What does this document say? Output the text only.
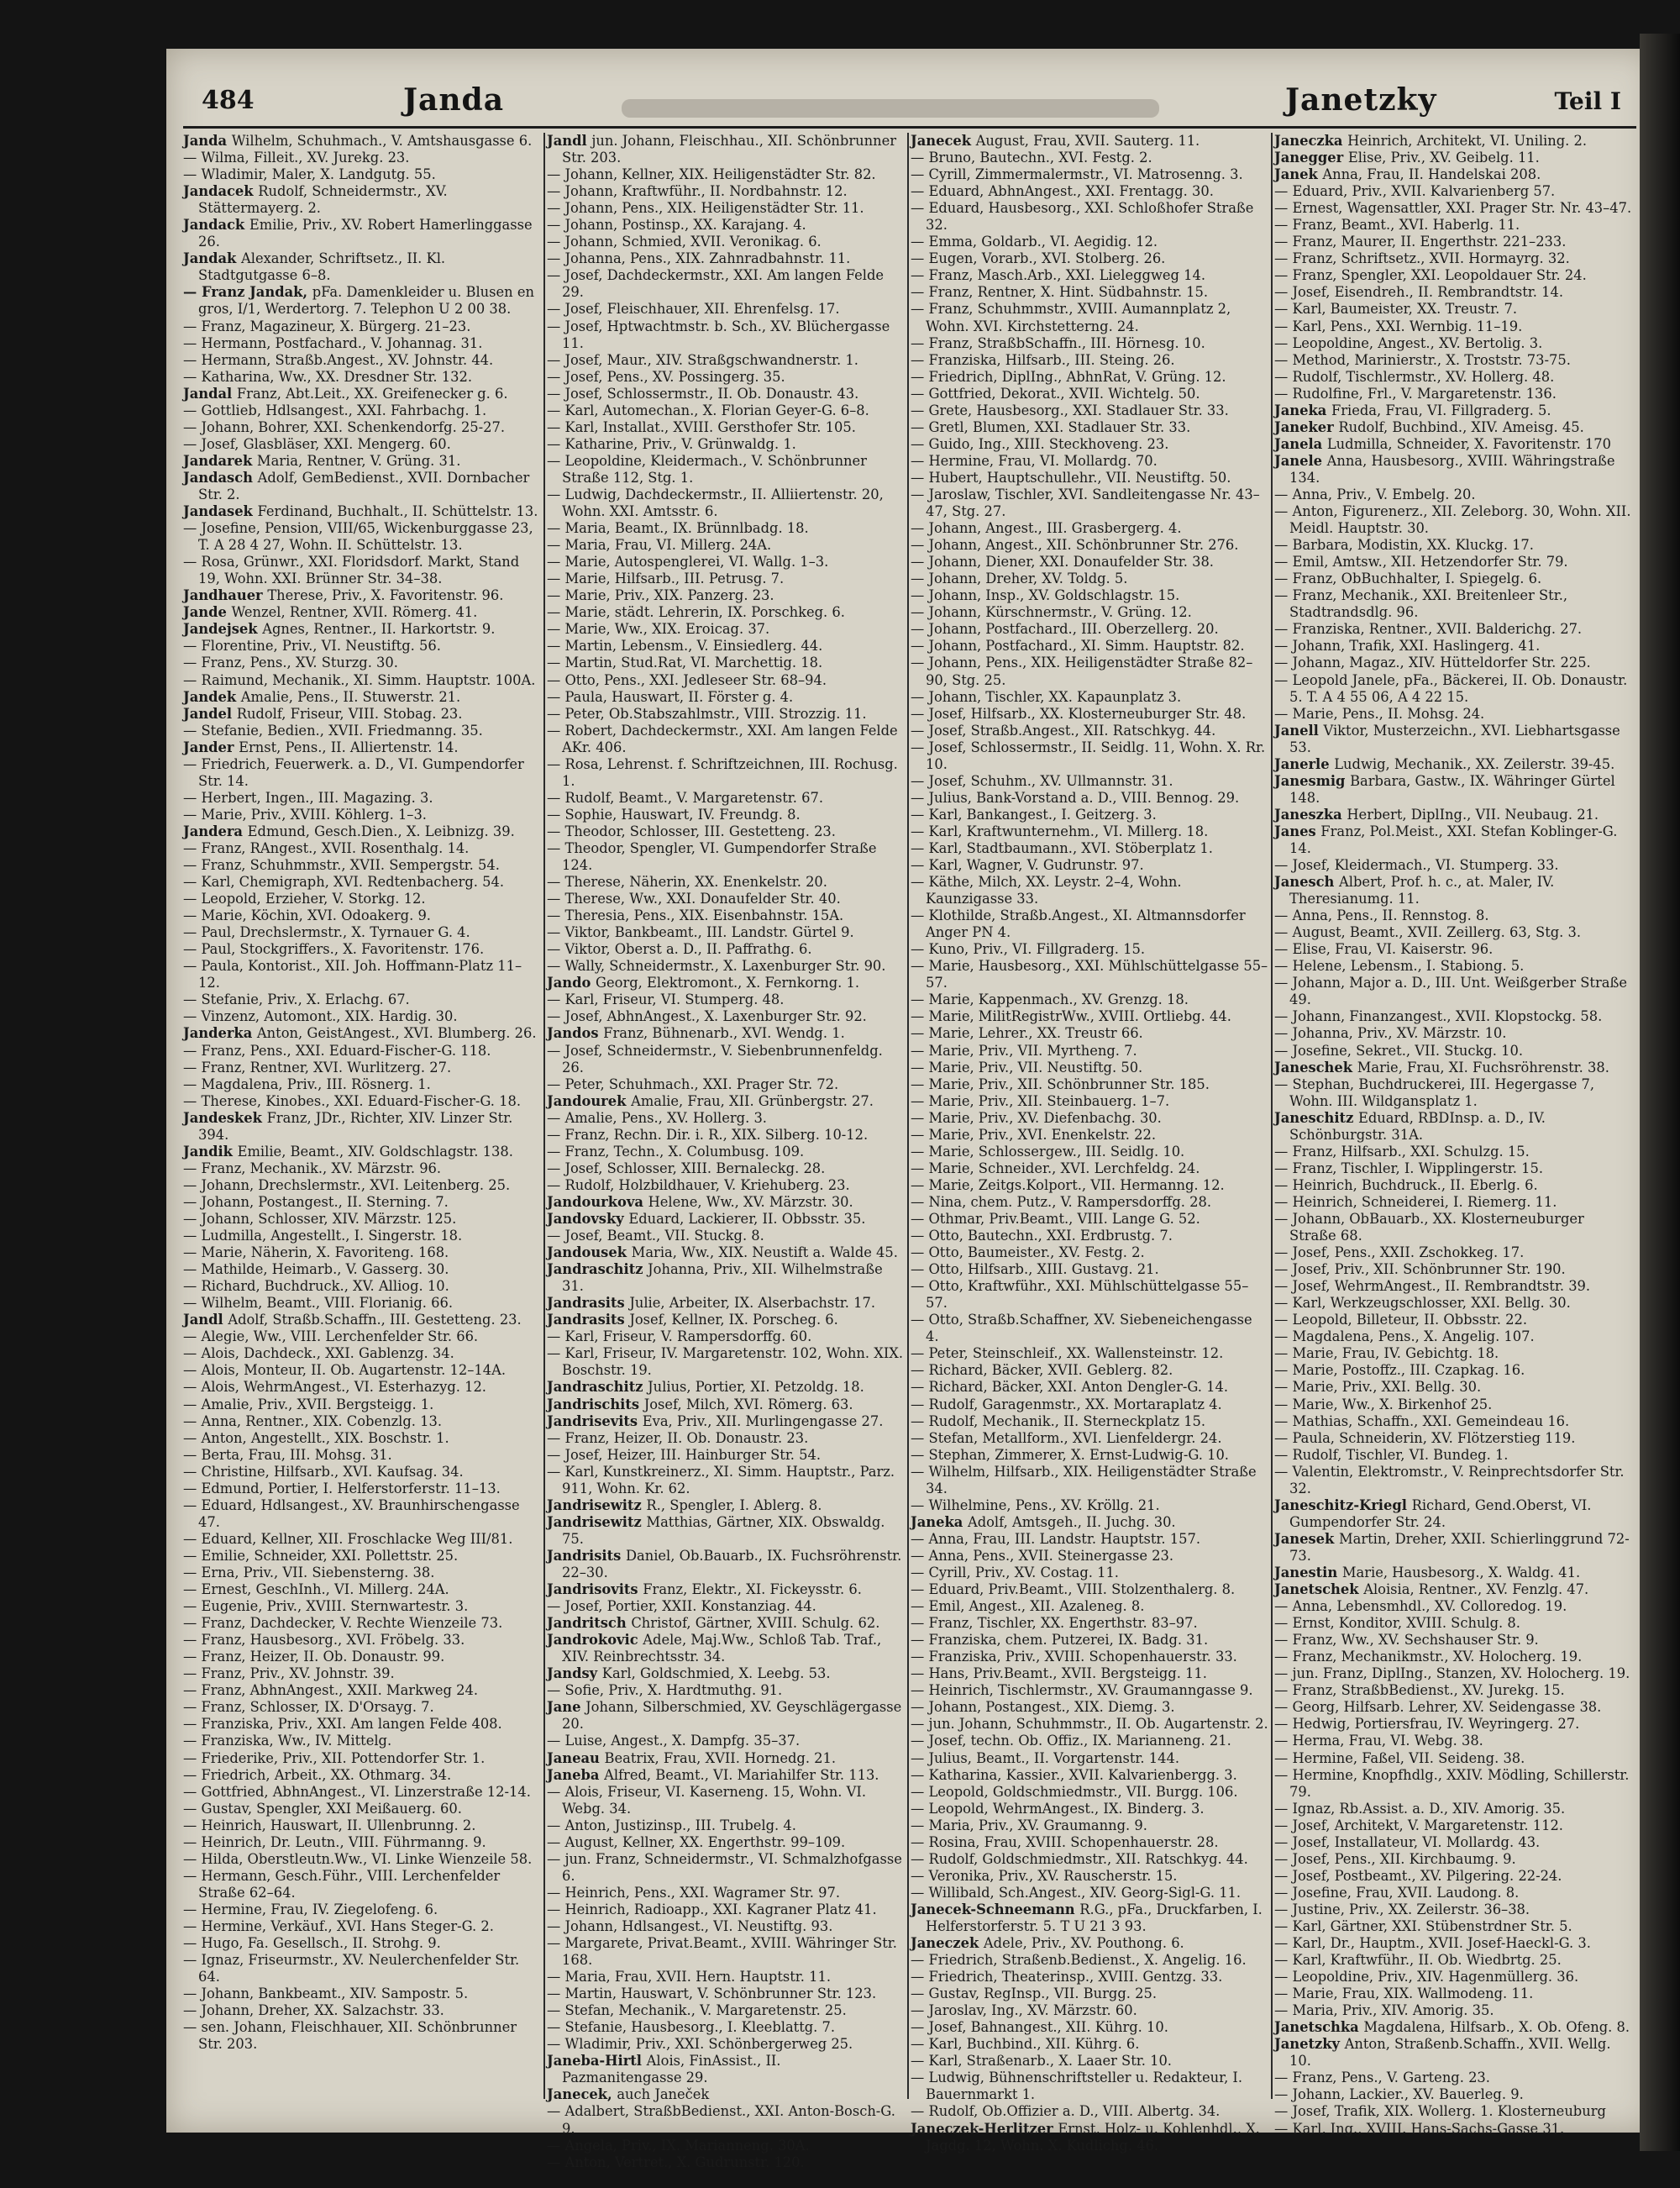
484	Janda	Janetzky	Teil I
Janda Wilhelm, Schuhmach., V. Amtshausgasse 6.
— Wilma, Filleit., XV. Jurekg. 23.
— Wladimir, Maler, X. Landgutg. 55.
Jandacek Rudolf, Schneidermstr., XV. Stättermayerg. 2.
Jandack Emilie, Priv., XV. Robert Hamerlinggasse 26.
Jandak Alexander, Schriftsetz., II. Kl. Stadtgutgasse 6–8.
— Franz Jandak, pFa. Damenkleider u. Blusen en gros, I/1, Werdertorg. 7. Telephon U 2 00 38.
— Franz, Magazineur, X. Bürgerg. 21–23.
— Hermann, Postfachard., V. Johannag. 31.
— Hermann, Straßb.Angest., XV. Johnstr. 44.
— Katharina, Ww., XX. Dresdner Str. 132.
Jandal Franz, Abt.Leit., XX. Greifenecker g. 6.
— Gottlieb, Hdlsangest., XXI. Fahrbachg. 1.
— Johann, Bohrer, XXI. Schenkendorfg. 25-27.
— Josef, Glasbläser, XXI. Mengerg. 60.
Jandarek Maria, Rentner, V. Grüng. 31.
Jandasch Adolf, GemBedienst., XVII. Dornbacher Str. 2.
Jandasek Ferdinand, Buchhalt., II. Schüttelstr. 13.
— Josefine, Pension, VIII/65, Wickenburggasse 23, T. A 28 4 27, Wohn. II. Schüttelstr. 13.
— Rosa, Grünwr., XXI. Floridsdorf. Markt, Stand 19, Wohn. XXI. Brünner Str. 34–38.
Jandhauer Therese, Priv., X. Favoritenstr. 96.
Jande Wenzel, Rentner, XVII. Römerg. 41.
Jandejsek Agnes, Rentner., II. Harkortstr. 9.
— Florentine, Priv., VI. Neustiftg. 56.
— Franz, Pens., XV. Sturzg. 30.
— Raimund, Mechanik., XI. Simm. Hauptstr. 100A.
Jandek Amalie, Pens., II. Stuwerstr. 21.
Jandel Rudolf, Friseur, VIII. Stobag. 23.
— Stefanie, Bedien., XVII. Friedmanng. 35.
Jander Ernst, Pens., II. Alliertenstr. 14.
— Friedrich, Feuerwerk. a. D., VI. Gumpendorfer Str. 14.
— Herbert, Ingen., III. Magazing. 3.
— Marie, Priv., XVIII. Köhlerg. 1–3.
Jandera Edmund, Gesch.Dien., X. Leibnizg. 39.
— Franz, RAngest., XVII. Rosenthalg. 14.
— Franz, Schuhmmstr., XVII. Sempergstr. 54.
— Karl, Chemigraph, XVI. Redtenbacherg. 54.
— Leopold, Erzieher, V. Storkg. 12.
— Marie, Köchin, XVI. Odoakerg. 9.
— Paul, Drechslermstr., X. Tyrnauer G. 4.
— Paul, Stockgriffers., X. Favoritenstr. 176.
— Paula, Kontorist., XII. Joh. Hoffmann-Platz 11–12.
— Stefanie, Priv., X. Erlachg. 67.
— Vinzenz, Automont., XIX. Hardig. 30.
Janderka Anton, GeistAngest., XVI. Blumberg. 26.
— Franz, Pens., XXI. Eduard-Fischer-G. 118.
— Franz, Rentner, XVI. Wurlitzerg. 27.
— Magdalena, Priv., III. Rösnerg. 1.
— Therese, Kinobes., XXI. Eduard-Fischer-G. 18.
Jandeskek Franz, JDr., Richter, XIV. Linzer Str. 394.
Jandik Emilie, Beamt., XIV. Goldschlagstr. 138.
— Franz, Mechanik., XV. Märzstr. 96.
— Johann, Drechslermstr., XVI. Leitenberg. 25.
— Johann, Postangest., II. Sterning. 7.
— Johann, Schlosser, XIV. Märzstr. 125.
— Ludmilla, Angestellt., I. Singerstr. 18.
— Marie, Näherin, X. Favoriteng. 168.
— Mathilde, Heimarb., V. Gasserg. 30.
— Richard, Buchdruck., XV. Alliog. 10.
— Wilhelm, Beamt., VIII. Florianig. 66.
Jandl Adolf, Straßb.Schaffn., III. Gestetteng. 23.
— Alegie, Ww., VIII. Lerchenfelder Str. 66.
— Alois, Dachdeck., XXI. Gablenzg. 34.
— Alois, Monteur, II. Ob. Augartenstr. 12–14A.
— Alois, WehrmAngest., VI. Esterhazyg. 12.
— Amalie, Priv., XVII. Bergsteigg. 1.
— Anna, Rentner., XIX. Cobenzlg. 13.
— Anton, Angestellt., XIX. Boschstr. 1.
— Berta, Frau, III. Mohsg. 31.
— Christine, Hilfsarb., XVI. Kaufsag. 34.
— Edmund, Portier, I. Helferstorferstr. 11–13.
— Eduard, Hdlsangest., XV. Braunhirschengasse 47.
— Eduard, Kellner, XII. Froschlacke Weg III/81.
— Emilie, Schneider, XXI. Pollettstr. 25.
— Erna, Priv., VII. Siebensterng. 38.
— Ernest, GeschInh., VI. Millerg. 24A.
— Eugenie, Priv., XVIII. Sternwartestr. 3.
— Franz, Dachdecker, V. Rechte Wienzeile 73.
— Franz, Hausbesorg., XVI. Fröbelg. 33.
— Franz, Heizer, II. Ob. Donaustr. 99.
— Franz, Priv., XV. Johnstr. 39.
— Franz, AbhnAngest., XXII. Markweg 24.
— Franz, Schlosser, IX. D'Orsayg. 7.
— Franziska, Priv., XXI. Am langen Felde 408.
— Franziska, Ww., IV. Mittelg.
— Friederike, Priv., XII. Pottendorfer Str. 1.
— Friedrich, Arbeit., XX. Othmarg. 34.
— Gottfried, AbhnAngest., VI. Linzerstraße 12-14.
— Gustav, Spengler, XXI Meißauerg. 60.
— Heinrich, Hauswart, II. Ullenbrunng. 2.
— Heinrich, Dr. Leutn., VIII. Führmanng. 9.
— Hilda, Oberstleutn.Ww., VI. Linke Wienzeile 58.
— Hermann, Gesch.Führ., VIII. Lerchenfelder Straße 62–64.
— Hermine, Frau, IV. Ziegelofeng. 6.
— Hermine, Verkäuf., XVI. Hans Steger-G. 2.
— Hugo, Fa. Gesellsch., II. Strohg. 9.
— Ignaz, Friseurmstr., XV. Neulerchenfelder Str. 64.
— Johann, Bankbeamt., XIV. Sampostr. 5.
— Johann, Dreher, XX. Salzachstr. 33.
— sen. Johann, Fleischhauer, XII. Schönbrunner Str. 203.
Jandl jun. Johann, Fleischhau., XII. Schönbrunner Str. 203.
— Johann, Kellner, XIX. Heiligenstädter Str. 82.
— Johann, Kraftwführ., II. Nordbahnstr. 12.
— Johann, Pens., XIX. Heiligenstädter Str. 11.
— Johann, Postinsp., XX. Karajang. 4.
— Johann, Schmied, XVII. Veronikag. 6.
— Johanna, Pens., XIX. Zahnradbahnstr. 11.
— Josef, Dachdeckermstr., XXI. Am langen Felde 29.
— Josef, Fleischhauer, XII. Ehrenfelsg. 17.
— Josef, Hptwachtmstr. b. Sch., XV. Blüchergasse 11.
— Josef, Maur., XIV. Straßgschwandnerstr. 1.
— Josef, Pens., XV. Possingerg. 35.
— Josef, Schlossermstr., II. Ob. Donaustr. 43.
— Karl, Automechan., X. Florian Geyer-G. 6–8.
— Karl, Installat., XVIII. Gersthofer Str. 105.
— Katharine, Priv., V. Grünwaldg. 1.
— Leopoldine, Kleidermach., V. Schönbrunner Straße 112, Stg. 1.
— Ludwig, Dachdeckermstr., II. Alliiertenstr. 20, Wohn. XXI. Amtsstr. 6.
— Maria, Beamt., IX. Brünnlbadg. 18.
— Maria, Frau, VI. Millerg. 24A.
— Marie, Autospenglerei, VI. Wallg. 1–3.
— Marie, Hilfsarb., III. Petrusg. 7.
— Marie, Priv., XIX. Panzerg. 23.
— Marie, städt. Lehrerin, IX. Porschkeg. 6.
— Marie, Ww., XIX. Eroicag. 37.
— Martin, Lebensm., V. Einsiedlerg. 44.
— Martin, Stud.Rat, VI. Marchettig. 18.
— Otto, Pens., XXI. Jedleseer Str. 68–94.
— Paula, Hauswart, II. Förster g. 4.
— Peter, Ob.Stabszahlmstr., VIII. Strozzig. 11.
— Robert, Dachdeckermstr., XXI. Am langen Felde AKr. 406.
— Rosa, Lehrenst. f. Schriftzeichnen, III. Rochusg. 1.
— Rudolf, Beamt., V. Margaretenstr. 67.
— Sophie, Hauswart, IV. Freundg. 8.
— Theodor, Schlosser, III. Gestetteng. 23.
— Theodor, Spengler, VI. Gumpendorfer Straße 124.
— Therese, Näherin, XX. Enenkelstr. 20.
— Therese, Ww., XXI. Donaufelder Str. 40.
— Theresia, Pens., XIX. Eisenbahnstr. 15A.
— Viktor, Bankbeamt., III. Landstr. Gürtel 9.
— Viktor, Oberst a. D., II. Paffrathg. 6.
— Wally, Schneidermstr., X. Laxenburger Str. 90.
Jando Georg, Elektromont., X. Fernkorng. 1.
— Karl, Friseur, VI. Stumperg. 48.
— Josef, AbhnAngest., X. Laxenburger Str. 92.
Jandos Franz, Bühnenarb., XVI. Wendg. 1.
— Josef, Schneidermstr., V. Siebenbrunnenfeldg. 26.
— Peter, Schuhmach., XXI. Prager Str. 72.
Jandourek Amalie, Frau, XII. Grünbergstr. 27.
— Amalie, Pens., XV. Hollerg. 3.
— Franz, Rechn. Dir. i. R., XIX. Silberg. 10-12.
— Franz, Techn., X. Columbusg. 109.
— Josef, Schlosser, XIII. Bernaleckg. 28.
— Rudolf, Holzbildhauer, V. Kriehuberg. 23.
Jandourkova Helene, Ww., XV. Märzstr. 30.
Jandovsky Eduard, Lackierer, II. Obbsstr. 35.
— Josef, Beamt., VII. Stuckg. 8.
Jandousek Maria, Ww., XIX. Neustift a. Walde 45.
Jandraschitz Johanna, Priv., XII. Wilhelmstraße 31.
Jandrasits Julie, Arbeiter, IX. Alserbachstr. 17.
Jandrasits Josef, Kellner, IX. Porscheg. 6.
— Karl, Friseur, V. Rampersdorffg. 60.
— Karl, Friseur, IV. Margaretenstr. 102, Wohn. XIX. Boschstr. 19.
Jandraschitz Julius, Portier, XI. Petzoldg. 18.
Jandrischits Josef, Milch, XVI. Römerg. 63.
Jandrisevits Eva, Priv., XII. Murlingengasse 27.
— Franz, Heizer, II. Ob. Donaustr. 23.
— Josef, Heizer, III. Hainburger Str. 54.
— Karl, Kunstkreinerz., XI. Simm. Hauptstr., Parz. 911, Wohn. Kr. 62.
Jandrisewitz R., Spengler, I. Ablerg. 8.
Jandrisewitz Matthias, Gärtner, XIX. Obswaldg. 75.
Jandrisits Daniel, Ob.Bauarb., IX. Fuchsröhrenstr. 22–30.
Jandrisovits Franz, Elektr., XI. Fickeysstr. 6.
— Josef, Portier, XXII. Konstanziag. 44.
Jandritsch Christof, Gärtner, XVIII. Schulg. 62.
Jandrokovic Adele, Maj.Ww., Schloß Tab. Traf., XIV. Reinbrechtsstr. 34.
Jandsy Karl, Goldschmied, X. Leebg. 53.
— Sofie, Priv., X. Hardtmuthg. 91.
Jane Johann, Silberschmied, XV. Geyschlägergasse 20.
— Luise, Angest., X. Dampfg. 35–37.
Janeau Beatrix, Frau, XVII. Hornedg. 21.
Janeba Alfred, Beamt., VI. Mariahilfer Str. 113.
— Alois, Friseur, VI. Kaserneng. 15, Wohn. VI. Webg. 34.
— Anton, Justizinsp., III. Trubelg. 4.
— August, Kellner, XX. Engerthstr. 99–109.
— jun. Franz, Schneidermstr., VI. Schmalzhofgasse 6.
— Heinrich, Pens., XXI. Wagramer Str. 97.
— Heinrich, Radioapp., XXI. Kagraner Platz 41.
— Johann, Hdlsangest., VI. Neustiftg. 93.
— Margarete, Privat.Beamt., XVIII. Währinger Str. 168.
— Maria, Frau, XVII. Hern. Hauptstr. 11.
— Martin, Hauswart, V. Schönbrunner Str. 123.
— Stefan, Mechanik., V. Margaretenstr. 25.
— Stefanie, Hausbesorg., I. Kleeblattg. 7.
— Wladimir, Priv., XXI. Schönbergerweg 25.
Janeba-Hirtl Alois, FinAssist., II. Pazmanitengasse 29.
Janecek, auch Janeček
— Adalbert, StraßbBedienst., XXI. Anton-Bosch-G. 9.
— Angela, Priv., IX. Marianneng. 30A.
— Anton, Vertret., X. Gudrunstr. 120.
Janecek August, Frau, XVII. Sauterg. 11.
— Bruno, Bautechn., XVI. Festg. 2.
— Cyrill, Zimmermalermstr., VI. Matrosenng. 3.
— Eduard, AbhnAngest., XXI. Frentagg. 30.
— Eduard, Hausbesorg., XXI. Schloßhofer Straße 32.
— Emma, Goldarb., VI. Aegidig. 12.
— Eugen, Vorarb., XVI. Stolberg. 26.
— Franz, Masch.Arb., XXI. Lieleggweg 14.
— Franz, Rentner, X. Hint. Südbahnstr. 15.
— Franz, Schuhmmstr., XVIII. Aumannplatz 2, Wohn. XVI. Kirchstetterng. 24.
— Franz, StraßbSchaffn., III. Hörnesg. 10.
— Franziska, Hilfsarb., III. Steing. 26.
— Friedrich, DiplIng., AbhnRat, V. Grüng. 12.
— Gottfried, Dekorat., XVII. Wichtelg. 50.
— Grete, Hausbesorg., XXI. Stadlauer Str. 33.
— Gretl, Blumen, XXI. Stadlauer Str. 33.
— Guido, Ing., XIII. Steckhoveng. 23.
— Hermine, Frau, VI. Mollardg. 70.
— Hubert, Hauptschullehr., VII. Neustiftg. 50.
— Jaroslaw, Tischler, XVI. Sandleitengasse Nr. 43–47, Stg. 27.
— Johann, Angest., III. Grasbergerg. 4.
— Johann, Angest., XII. Schönbrunner Str. 276.
— Johann, Diener, XXI. Donaufelder Str. 38.
— Johann, Dreher, XV. Toldg. 5.
— Johann, Insp., XV. Goldschlagstr. 15.
— Johann, Kürschnermstr., V. Grüng. 12.
— Johann, Postfachard., III. Oberzellerg. 20.
— Johann, Postfachard., XI. Simm. Hauptstr. 82.
— Johann, Pens., XIX. Heiligenstädter Straße 82–90, Stg. 25.
— Johann, Tischler, XX. Kapaunplatz 3.
— Josef, Hilfsarb., XX. Klosterneuburger Str. 48.
— Josef, Straßb.Angest., XII. Ratschkyg. 44.
— Josef, Schlossermstr., II. Seidlg. 11, Wohn. X. Rr. 10.
— Josef, Schuhm., XV. Ullmannstr. 31.
— Julius, Bank-Vorstand a. D., VIII. Bennog. 29.
— Karl, Bankangest., I. Geitzerg. 3.
— Karl, Kraftwunternehm., VI. Millerg. 18.
— Karl, Stadtbaumann., XVI. Stöberplatz 1.
— Karl, Wagner, V. Gudrunstr. 97.
— Käthe, Milch, XX. Leystr. 2–4, Wohn. Kaunzigasse 33.
— Klothilde, Straßb.Angest., XI. Altmannsdorfer Anger PN 4.
— Kuno, Priv., VI. Fillgraderg. 15.
— Marie, Hausbesorg., XXI. Mühlschüttelgasse 55–57.
— Marie, Kappenmach., XV. Grenzg. 18.
— Marie, MilitRegistrWw., XVIII. Ortliebg. 44.
— Marie, Lehrer., XX. Treustr 66.
— Marie, Priv., VII. Myrtheng. 7.
— Marie, Priv., VII. Neustiftg. 50.
— Marie, Priv., XII. Schönbrunner Str. 185.
— Marie, Priv., XII. Steinbauerg. 1–7.
— Marie, Priv., XV. Diefenbachg. 30.
— Marie, Priv., XVI. Enenkelstr. 22.
— Marie, Schlossergew., III. Seidlg. 10.
— Marie, Schneider., XVI. Lerchfeldg. 24.
— Marie, Zeitgs.Kolport., VII. Hermanng. 12.
— Nina, chem. Putz., V. Rampersdorffg. 28.
— Othmar, Priv.Beamt., VIII. Lange G. 52.
— Otto, Bautechn., XXI. Erdbrustg. 7.
— Otto, Baumeister., XV. Festg. 2.
— Otto, Hilfsarb., XIII. Gustavg. 21.
— Otto, Kraftwführ., XXI. Mühlschüttelgasse 55–57.
— Otto, Straßb.Schaffner, XV. Siebeneichengasse 4.
— Peter, Steinschleif., XX. Wallensteinstr. 12.
— Richard, Bäcker, XVII. Geblerg. 82.
— Richard, Bäcker, XXI. Anton Dengler-G. 14.
— Rudolf, Garagenmstr., XX. Mortaraplatz 4.
— Rudolf, Mechanik., II. Sterneckplatz 15.
— Stefan, Metallform., XVI. Lienfeldergr. 24.
— Stephan, Zimmerer, X. Ernst-Ludwig-G. 10.
— Wilhelm, Hilfsarb., XIX. Heiligenstädter Straße 34.
— Wilhelmine, Pens., XV. Kröllg. 21.
Janeka Adolf, Amtsgeh., II. Juchg. 30.
— Anna, Frau, III. Landstr. Hauptstr. 157.
— Anna, Pens., XVII. Steinergasse 23.
— Cyrill, Priv., XV. Costag. 11.
— Eduard, Priv.Beamt., VIII. Stolzenthalerg. 8.
— Emil, Angest., XII. Azaleneg. 8.
— Franz, Tischler, XX. Engerthstr. 83–97.
— Franziska, chem. Putzerei, IX. Badg. 31.
— Franziska, Priv., XVIII. Schopenhauerstr. 33.
— Hans, Priv.Beamt., XVII. Bergsteigg. 11.
— Heinrich, Tischlermstr., XV. Graumanngasse 9.
— Johann, Postangest., XIX. Diemg. 3.
— jun. Johann, Schuhmmstr., II. Ob. Augartenstr. 2.
— Josef, techn. Ob. Offiz., IX. Marianneng. 21.
— Julius, Beamt., II. Vorgartenstr. 144.
— Katharina, Kassier., XVII. Kalvarienbergg. 3.
— Leopold, Goldschmiedmstr., VII. Burgg. 106.
— Leopold, WehrmAngest., IX. Binderg. 3.
— Maria, Priv., XV. Graumanng. 9.
— Rosina, Frau, XVIII. Schopenhauerstr. 28.
— Rudolf, Goldschmiedmstr., XII. Ratschkyg. 44.
— Veronika, Priv., XV. Rauscherstr. 15.
— Willibald, Sch.Angest., XIV. Georg-Sigl-G. 11.
Janecek-Schneemann R.G., pFa., Druckfarben, I. Helferstorferstr. 5. T U 21 3 93.
Janeczek Adele, Priv., XV. Pouthong. 6.
— Friedrich, Straßenb.Bedienst., X. Angelig. 16.
— Friedrich, Theaterinsp., XVIII. Gentzg. 33.
— Gustav, RegInsp., VII. Burgg. 25.
— Jaroslav, Ing., XV. Märzstr. 60.
— Josef, Bahnangest., XII. Kührg. 10.
— Karl, Buchbind., XII. Kührg. 6.
— Karl, Straßenarb., X. Laaer Str. 10.
— Ludwig, Bühnenschriftsteller u. Redakteur, I. Bauernmarkt 1.
— Rudolf, Ob.Offizier a. D., VIII. Albertg. 34.
Janeczek-Herlitzer Ernst, Holz- u. Kohlenhdl., X. Jagdg. 12, Wohn. X. Kudlichg. 46.
Janeczka Heinrich, Architekt, VI. Uniling. 2.
Janegger Elise, Priv., XV. Geibelg. 11.
Janek Anna, Frau, II. Handelskai 208.
— Eduard, Priv., XVII. Kalvarienberg 57.
— Ernest, Wagensattler, XXI. Prager Str. Nr. 43–47.
— Franz, Beamt., XVI. Haberlg. 11.
— Franz, Maurer, II. Engerthstr. 221–233.
— Franz, Schriftsetz., XVII. Hormayrg. 32.
— Franz, Spengler, XXI. Leopoldauer Str. 24.
— Josef, Eisendreh., II. Rembrandtstr. 14.
— Karl, Baumeister, XX. Treustr. 7.
— Karl, Pens., XXI. Wernbig. 11–19.
— Leopoldine, Angest., XV. Bertolig. 3.
— Method, Marinierstr., X. Troststr. 73-75.
— Rudolf, Tischlermstr., XV. Hollerg. 48.
— Rudolfine, Frl., V. Margaretenstr. 136.
Janeka Frieda, Frau, VI. Fillgraderg. 5.
Janeker Rudolf, Buchbind., XIV. Ameisg. 45.
Janela Ludmilla, Schneider, X. Favoritenstr. 170
Janele Anna, Hausbesorg., XVIII. Währingstraße 134.
— Anna, Priv., V. Embelg. 20.
— Anton, Figurenerz., XII. Zeleborg. 30, Wohn. XII. Meidl. Hauptstr. 30.
— Barbara, Modistin, XX. Kluckg. 17.
— Emil, Amtsw., XII. Hetzendorfer Str. 79.
— Franz, ObBuchhalter, I. Spiegelg. 6.
— Franz, Mechanik., XXI. Breitenleer Str., Stadtrandsdlg. 96.
— Franziska, Rentner., XVII. Balderichg. 27.
— Johann, Trafik, XXI. Haslingerg. 41.
— Johann, Magaz., XIV. Hütteldorfer Str. 225.
— Leopold Janele, pFa., Bäckerei, II. Ob. Donaustr. 5. T. A 4 55 06, A 4 22 15.
— Marie, Pens., II. Mohsg. 24.
Janell Viktor, Musterzeichn., XVI. Liebhartsgasse 53.
Janerle Ludwig, Mechanik., XX. Zeilerstr. 39-45.
Janesmig Barbara, Gastw., IX. Währinger Gürtel 148.
Janeszka Herbert, DiplIng., VII. Neubaug. 21.
Janes Franz, Pol.Meist., XXI. Stefan Koblinger-G. 14.
— Josef, Kleidermach., VI. Stumperg. 33.
Janesch Albert, Prof. h. c., at. Maler, IV. Theresianumg. 11.
— Anna, Pens., II. Rennstog. 8.
— August, Beamt., XVII. Zeillerg. 63, Stg. 3.
— Elise, Frau, VI. Kaiserstr. 96.
— Helene, Lebensm., I. Stabiong. 5.
— Johann, Major a. D., III. Unt. Weißgerber Straße 49.
— Johann, Finanzangest., XVII. Klopstockg. 58.
— Johanna, Priv., XV. Märzstr. 10.
— Josefine, Sekret., VII. Stuckg. 10.
Janeschek Marie, Frau, XI. Fuchsröhrenstr. 38.
— Stephan, Buchdruckerei, III. Hegergasse 7, Wohn. III. Wildgansplatz 1.
Janeschitz Eduard, RBDInsp. a. D., IV. Schönburgstr. 31A.
— Franz, Hilfsarb., XXI. Schulzg. 15.
— Franz, Tischler, I. Wipplingerstr. 15.
— Heinrich, Buchdruck., II. Eberlg. 6.
— Heinrich, Schneiderei, I. Riemerg. 11.
— Johann, ObBauarb., XX. Klosterneuburger Straße 68.
— Josef, Pens., XXII. Zschokkeg. 17.
— Josef, Priv., XII. Schönbrunner Str. 190.
— Josef, WehrmAngest., II. Rembrandtstr. 39.
— Karl, Werkzeugschlosser, XXI. Bellg. 30.
— Leopold, Billeteur, II. Obbsstr. 22.
— Magdalena, Pens., X. Angelig. 107.
— Marie, Frau, IV. Gebichtg. 18.
— Marie, Postoffz., III. Czapkag. 16.
— Marie, Priv., XXI. Bellg. 30.
— Marie, Ww., X. Birkenhof 25.
— Mathias, Schaffn., XXI. Gemeindeau 16.
— Paula, Schneiderin, XV. Flötzerstieg 119.
— Rudolf, Tischler, VI. Bundeg. 1.
— Valentin, Elektromstr., V. Reinprechtsdorfer Str. 32.
Janeschitz-Kriegl Richard, Gend.Oberst, VI. Gumpendorfer Str. 24.
Janesek Martin, Dreher, XXII. Schierlinggrund 72-73.
Janestin Marie, Hausbesorg., X. Waldg. 41.
Janetschek Aloisia, Rentner., XV. Fenzlg. 47.
— Anna, Lebensmhdl., XV. Colloredog. 19.
— Ernst, Konditor, XVIII. Schulg. 8.
— Franz, Ww., XV. Sechshauser Str. 9.
— Franz, Mechanikmstr., XV. Holocherg. 19.
— jun. Franz, DiplIng., Stanzen, XV. Holocherg. 19.
— Franz, StraßbBedienst., XV. Jurekg. 15.
— Georg, Hilfsarb. Lehrer, XV. Seidengasse 38.
— Hedwig, Portiersfrau, IV. Weyringerg. 27.
— Herma, Frau, VI. Webg. 38.
— Hermine, Faßel, VII. Seideng. 38.
— Hermine, Knopfhdlg., XXIV. Mödling, Schillerstr. 79.
— Ignaz, Rb.Assist. a. D., XIV. Amorig. 35.
— Josef, Architekt, V. Margaretenstr. 112.
— Josef, Installateur, VI. Mollardg. 43.
— Josef, Pens., XII. Kirchbaumg. 9.
— Josef, Postbeamt., XV. Pilgering. 22-24.
— Josefine, Frau, XVII. Laudong. 8.
— Justine, Priv., XX. Zeilerstr. 36–38.
— Karl, Gärtner, XXI. Stübenstrdner Str. 5.
— Karl, Dr., Hauptm., XVII. Josef-Haeckl-G. 3.
— Karl, Kraftwführ., II. Ob. Wiedbrtg. 25.
— Leopoldine, Priv., XIV. Hagenmüllerg. 36.
— Marie, Frau, XIX. Wallmodeng. 11.
— Maria, Priv., XIV. Amorig. 35.
Janetschka Magdalena, Hilfsarb., X. Ob. Ofeng. 8.
Janetzky Anton, Straßenb.Schaffn., XVII. Wellg. 10.
— Franz, Pens., V. Garteng. 23.
— Johann, Lackier., XV. Bauerleg. 9.
— Josef, Trafik, XIX. Wollerg. 1. Klosterneuburg
— Karl, Ing., XVIII. Hans-Sachs-Gasse 31.
